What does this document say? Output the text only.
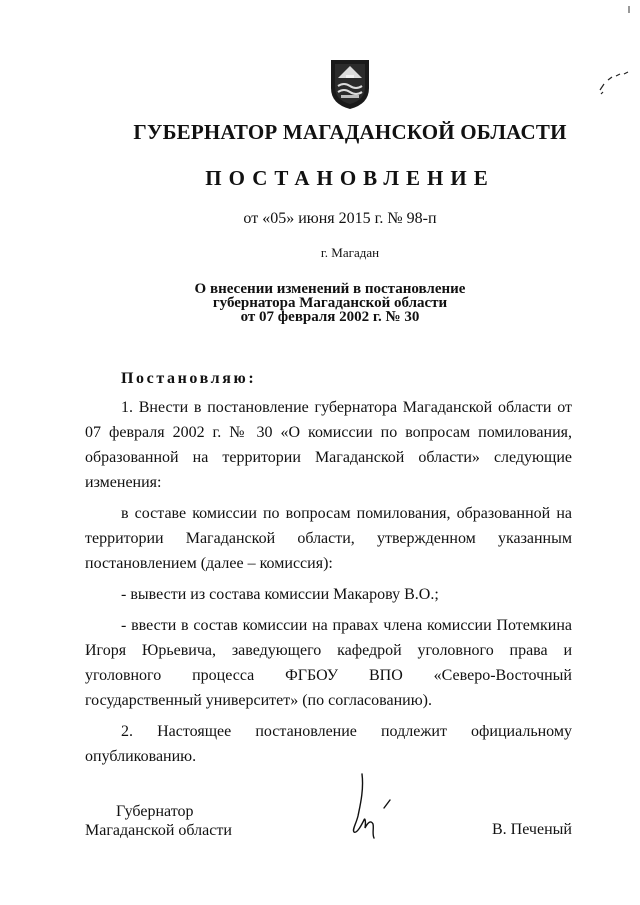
ГУБЕРНАТОР МАГАДАНСКОЙ ОБЛАСТИ
ПОСТАНОВЛЕНИЕ
от «05» июня 2015 г. № 98-п
г. Магадан
О внесении изменений в постановление
губернатора Магаданской области
от 07 февраля 2002 г. № 30
Постановляю:

1. Внести в постановление губернатора Магаданской области от 07 февраля 2002 г. № 30 «О комиссии по вопросам помилования, образованной на территории Магаданской области» следующие изменения:

в составе комиссии по вопросам помилования, образованной на территории Магаданской области, утвержденном указанным постановлением (далее – комиссия):

- вывести из состава комиссии Макарову В.О.;

- ввести в состав комиссии на правах члена комиссии Потемкина Игоря Юрьевича, заведующего кафедрой уголовного права и уголовного процесса ФГБОУ ВПО «Северо-Восточный государственный университет» (по согласованию).

2. Настоящее постановление подлежит официальному опубликованию.

Губернатор
Магаданской области	В. Печеный
